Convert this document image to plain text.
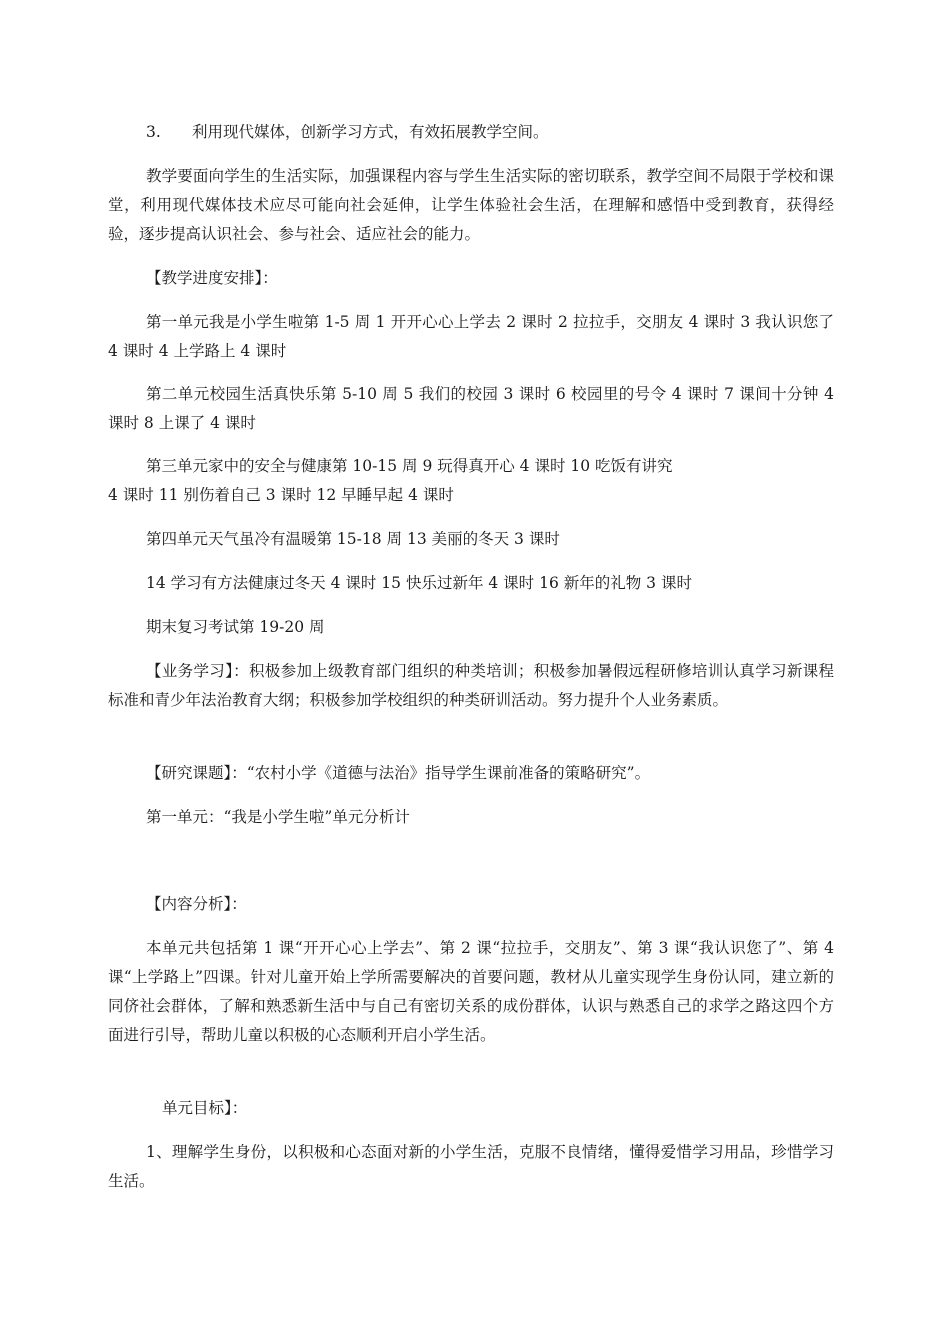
3. 利用现代媒体，创新学习方式，有效拓展教学空间。

教学要面向学生的生活实际，加强课程内容与学生生活实际的密切联系，教学空间不局限于学校和课堂，利用现代媒体技术应尽可能向社会延伸，让学生体验社会生活，在理解和感悟中受到教育，获得经验，逐步提高认识社会、参与社会、适应社会的能力。

【教学进度安排】：

第一单元我是小学生啦第 1-5 周 1 开开心心上学去 2 课时 2 拉拉手，交朋友 4 课时 3 我认识您了 4 课时 4 上学路上 4 课时

第二单元校园生活真快乐第 5-10 周 5 我们的校园 3 课时 6 校园里的号令 4 课时 7 课间十分钟 4 课时 8 上课了 4 课时

第三单元家中的安全与健康第 10-15 周 9 玩得真开心 4 课时 10 吃饭有讲究

4 课时 11 别伤着自己 3 课时 12 早睡早起 4 课时

第四单元天气虽冷有温暖第 15-18 周 13 美丽的冬天 3 课时

14 学习有方法健康过冬天 4 课时 15 快乐过新年 4 课时 16 新年的礼物 3 课时

期末复习考试第 19-20 周

【业务学习】：积极参加上级教育部门组织的种类培训；积极参加暑假远程研修培训认真学习新课程标准和青少年法治教育大纲；积极参加学校组织的种类研训活动。努力提升个人业务素质。

【研究课题】：“农村小学《道德与法治》指导学生课前准备的策略研究”。

第一单元：“我是小学生啦”单元分析计

【内容分析】：

本单元共包括第 1 课“开开心心上学去”、第 2 课“拉拉手，交朋友”、第 3 课“我认识您了”、第 4 课“上学路上”四课。针对儿童开始上学所需要解决的首要问题，教材从儿童实现学生身份认同，建立新的同侪社会群体，了解和熟悉新生活中与自己有密切关系的成份群体，认识与熟悉自己的求学之路这四个方面进行引导，帮助儿童以积极的心态顺利开启小学生活。

单元目标】：

1、理解学生身份，以积极和心态面对新的小学生活，克服不良情绪，懂得爱惜学习用品，珍惜学习生活。
